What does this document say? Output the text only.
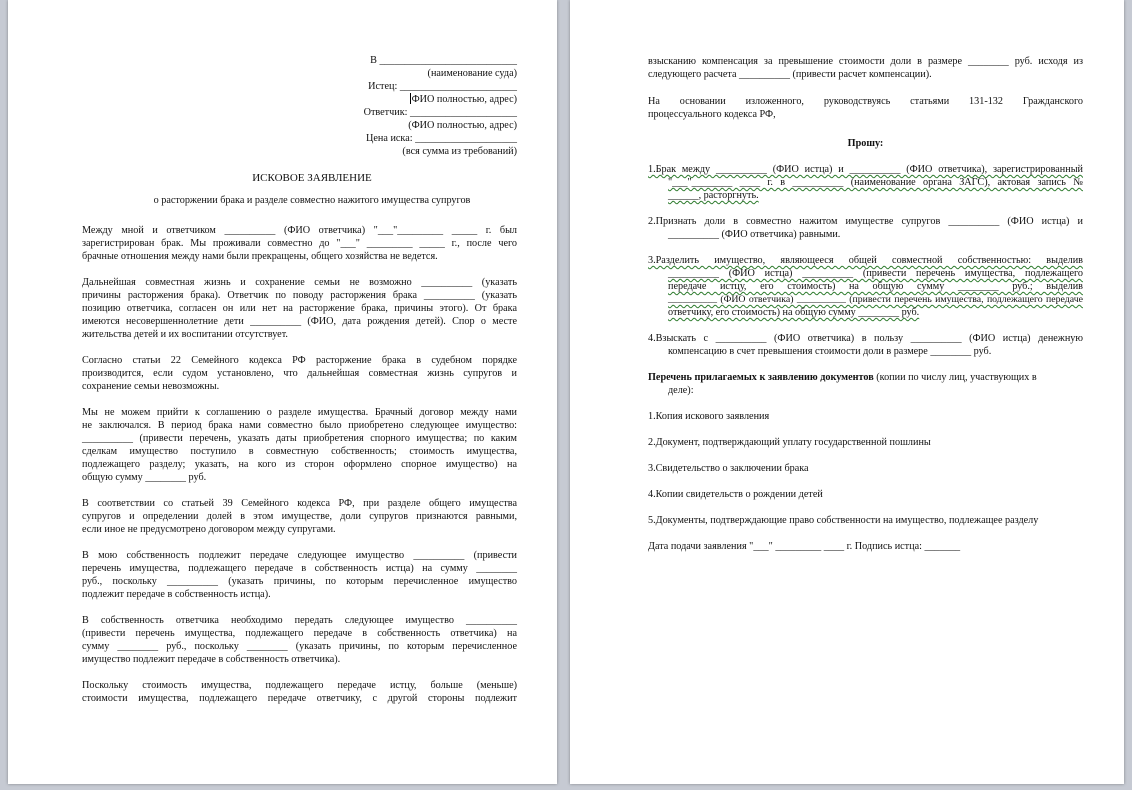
В ___________________________
(наименование суда)
Истец: _______________________
ФИО полностью, адрес)
Ответчик: _____________________
(ФИО полностью, адрес)
Цена иска: ____________________
(вся сумма из требований)
ИСКОВОЕ ЗАЯВЛЕНИЕ
о расторжении брака и разделе совместно нажитого имущества супругов
Между мной и ответчиком __________ (ФИО ответчика) "___"_________ _____ г. был
зарегистрирован брак. Мы проживали совместно до "___" _________ _____ г., после чего
брачные отношения между нами были прекращены, общего хозяйства не ведется.
Дальнейшая совместная жизнь и сохранение семьи не возможно __________ (указать
причины расторжения брака). Ответчик по поводу расторжения брака __________ (указать
позицию ответчика, согласен он или нет на расторжение брака, причины этого). От брака
имеются несовершеннолетние дети __________ (ФИО, дата рождения детей). Спор о месте
жительства детей и их воспитании отсутствует.
Согласно статьи 22 Семейного кодекса РФ расторжение брака в судебном порядке
производится, если судом установлено, что дальнейшая совместная жизнь супругов и
сохранение семьи невозможны.
Мы не можем прийти к соглашению о разделе имущества. Брачный договор между нами
не заключался. В период брака нами совместно было приобретено следующее имущество:
__________ (привести перечень, указать даты приобретения спорного имущества; по каким
сделкам имущество поступило в совместную собственность; стоимость имущества,
подлежащего разделу; указать, на кого из сторон оформлено спорное имущество) на
общую сумму ________ руб.
В соответствии со статьей 39 Семейного кодекса РФ, при разделе общего имущества
супругов и определении долей в этом имуществе, доли супругов признаются равными,
если иное не предусмотрено договором между супругами.
В мою собственность подлежит передаче следующее имущество __________ (привести
перечень имущества, подлежащего передаче в собственность истца) на сумму ________
руб., поскольку __________ (указать причины, по которым перечисленное имущество
подлежит передаче в собственность истца).
В собственность ответчика необходимо передать следующее имущество __________
(привести перечень имущества, подлежащего передаче в собственность ответчика) на
сумму ________ руб., поскольку ________ (указать причины, по которым перечисленное
имущество подлежит передаче в собственность ответчика).
Поскольку стоимость имущества, подлежащего передаче истцу, больше (меньше)
стоимости имущества, подлежащего передаче ответчику, с другой стороны подлежит
взысканию компенсация за превышение стоимости доли в размере ________ руб. исходя из
следующего расчета __________ (привести расчет компенсации).
На основании изложенного, руководствуясь статьями 131-132 Гражданского
процессуального кодекса РФ,
Прошу:
1.Брак между __________ (ФИО истца) и __________ (ФИО ответчика), зарегистрированный
"___"________ ____ г. в __________ (наименование органа ЗАГС), актовая запись №
______, расторгнуть.
2.Признать доли в совместно нажитом имуществе супругов __________ (ФИО истца) и
__________ (ФИО ответчика) равными.
3.Разделить имущество, являющееся общей совместной собственностью: выделив
__________ (ФИО истца) __________ (привести перечень имущества, подлежащего
передаче истцу, его стоимость) на общую сумму ________ руб.; выделив
__________ (ФИО ответчика) __________ (привести перечень имущества, подлежащего передаче
ответчику, его стоимость) на общую сумму ________ руб.
4.Взыскать с __________ (ФИО ответчика) в пользу __________ (ФИО истца) денежную
компенсацию в счет превышения стоимости доли в размере ________ руб.
Перечень прилагаемых к заявлению документов (копии по числу лиц, участвующих в
деле):
1.Копия искового заявления
2.Документ, подтверждающий уплату государственной пошлины
3.Свидетельство о заключении брака
4.Копии свидетельств о рождении детей
5.Документы, подтверждающие право собственности на имущество, подлежащее разделу
Дата подачи заявления "___" _________ ____ г. Подпись истца: _______
